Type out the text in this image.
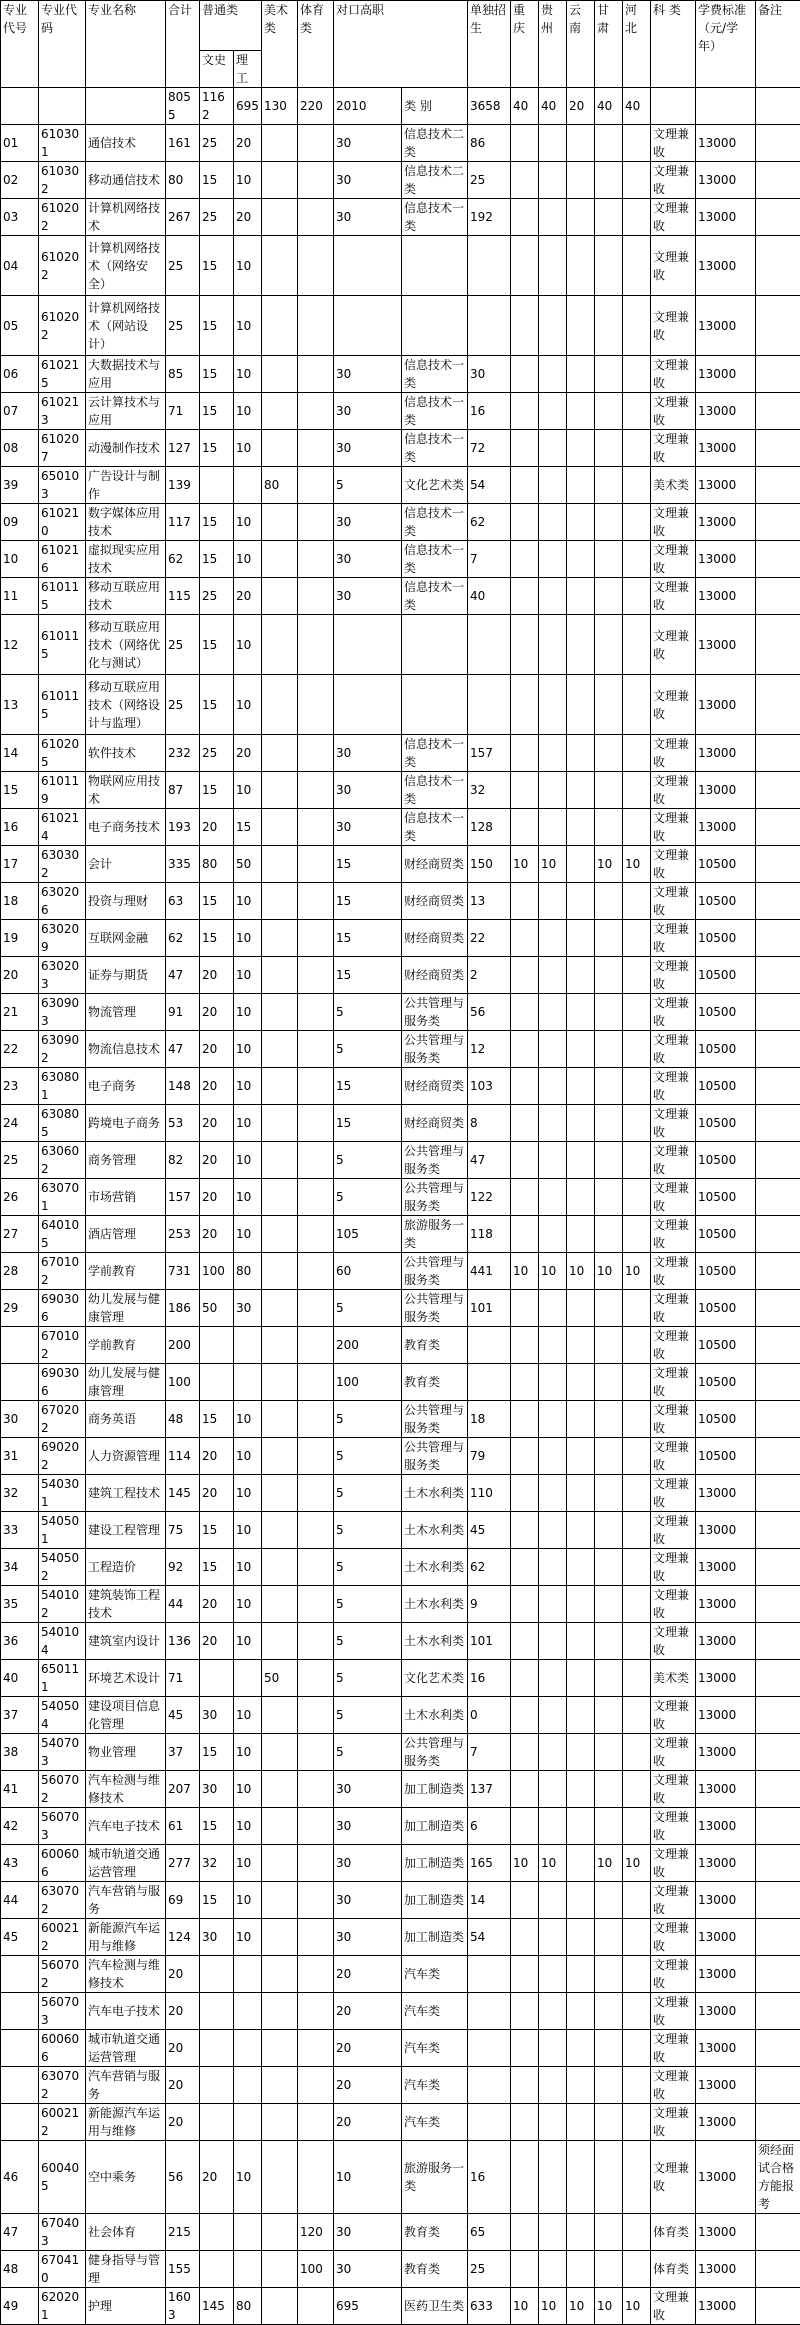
专业代号	专业代码	专业名称	合计	普通类		美术类	体育类	对口高职		单独招生	重庆	贵州	云南	甘肃	河北	科 类	学费标准（元/学年）	备注
				文史	理工													
			8055	1162	695	130	220	2010	类 别	3658	40	40	20	40	40			
01	610301	通信技术	161	25	20			30	信息技术二类	86						文理兼收	13000	
02	610302	移动通信技术	80	15	10			30	信息技术二类	25						文理兼收	13000	
03	610202	计算机网络技术	267	25	20			30	信息技术一类	192						文理兼收	13000	
04	610202	计算机网络技术（网络安全）	25	15	10											文理兼收	13000	
05	610202	计算机网络技术（网站设计）	25	15	10											文理兼收	13000	
06	610215	大数据技术与应用	85	15	10			30	信息技术一类	30						文理兼收	13000	
07	610213	云计算技术与应用	71	15	10			30	信息技术一类	16						文理兼收	13000	
08	610207	动漫制作技术	127	15	10			30	信息技术一类	72						文理兼收	13000	
39	650103	广告设计与制作	139			80		5	文化艺术类	54						美术类	13000	
09	610210	数字媒体应用技术	117	15	10			30	信息技术一类	62						文理兼收	13000	
10	610216	虚拟现实应用技术	62	15	10			30	信息技术一类	7						文理兼收	13000	
11	610115	移动互联应用技术	115	25	20			30	信息技术一类	40						文理兼收	13000	
12	610115	移动互联应用技术（网络优化与测试）	25	15	10											文理兼收	13000	
13	610115	移动互联应用技术（网络设计与监理）	25	15	10											文理兼收	13000	
14	610205	软件技术	232	25	20			30	信息技术一类	157						文理兼收	13000	
15	610119	物联网应用技术	87	15	10			30	信息技术一类	32						文理兼收	13000	
16	610214	电子商务技术	193	20	15			30	信息技术一类	128						文理兼收	13000	
17	630302	会计	335	80	50			15	财经商贸类	150	10	10		10	10	文理兼收	10500	
18	630206	投资与理财	63	15	10			15	财经商贸类	13						文理兼收	10500	
19	630209	互联网金融	62	15	10			15	财经商贸类	22						文理兼收	10500	
20	630203	证券与期货	47	20	10			15	财经商贸类	2						文理兼收	10500	
21	630903	物流管理	91	20	10			5	公共管理与服务类	56						文理兼收	10500	
22	630902	物流信息技术	47	20	10			5	公共管理与服务类	12						文理兼收	10500	
23	630801	电子商务	148	20	10			15	财经商贸类	103						文理兼收	10500	
24	630805	跨境电子商务	53	20	10			15	财经商贸类	8						文理兼收	10500	
25	630602	商务管理	82	20	10			5	公共管理与服务类	47						文理兼收	10500	
26	630701	市场营销	157	20	10			5	公共管理与服务类	122						文理兼收	10500	
27	640105	酒店管理	253	20	10			105	旅游服务一类	118						文理兼收	10500	
28	670102	学前教育	731	100	80			60	公共管理与服务类	441	10	10	10	10	10	文理兼收	10500	
29	690306	幼儿发展与健康管理	186	50	30			5	公共管理与服务类	101						文理兼收	10500	
	670102	学前教育	200					200	教育类							文理兼收	10500	
	690306	幼儿发展与健康管理	100					100	教育类							文理兼收	10500	
30	670202	商务英语	48	15	10			5	公共管理与服务类	18						文理兼收	10500	
31	690202	人力资源管理	114	20	10			5	公共管理与服务类	79						文理兼收	10500	
32	540301	建筑工程技术	145	20	10			5	土木水利类	110						文理兼收	13000	
33	540501	建设工程管理	75	15	10			5	土木水利类	45						文理兼收	13000	
34	540502	工程造价	92	15	10			5	土木水利类	62						文理兼收	13000	
35	540102	建筑装饰工程技术	44	20	10			5	土木水利类	9						文理兼收	13000	
36	540104	建筑室内设计	136	20	10			5	土木水利类	101						文理兼收	13000	
40	650111	环境艺术设计	71			50		5	文化艺术类	16						美术类	13000	
37	540504	建设项目信息化管理	45	30	10			5	土木水利类	0						文理兼收	13000	
38	540703	物业管理	37	15	10			5	公共管理与服务类	7						文理兼收	13000	
41	560702	汽车检测与维修技术	207	30	10			30	加工制造类	137						文理兼收	13000	
42	560703	汽车电子技术	61	15	10			30	加工制造类	6						文理兼收	13000	
43	600606	城市轨道交通运营管理	277	32	10			30	加工制造类	165	10	10		10	10	文理兼收	13000	
44	630702	汽车营销与服务	69	15	10			30	加工制造类	14						文理兼收	13000	
45	600212	新能源汽车运用与维修	124	30	10			30	加工制造类	54						文理兼收	13000	
	560702	汽车检测与维修技术	20					20	汽车类							文理兼收	13000	
	560703	汽车电子技术	20					20	汽车类							文理兼收	13000	
	600606	城市轨道交通运营管理	20					20	汽车类							文理兼收	13000	
	630702	汽车营销与服务	20					20	汽车类							文理兼收	13000	
	600212	新能源汽车运用与维修	20					20	汽车类							文理兼收	13000	
46	600405	空中乘务	56	20	10			10	旅游服务一类	16						文理兼收	13000	须经面试合格方能报考
47	670403	社会体育	215				120	30	教育类	65						体育类	13000	
48	670410	健身指导与管理	155				100	30	教育类	25						体育类	13000	
49	620201	护理	1603	145	80			695	医药卫生类	633	10	10	10	10	10	文理兼收	13000	
